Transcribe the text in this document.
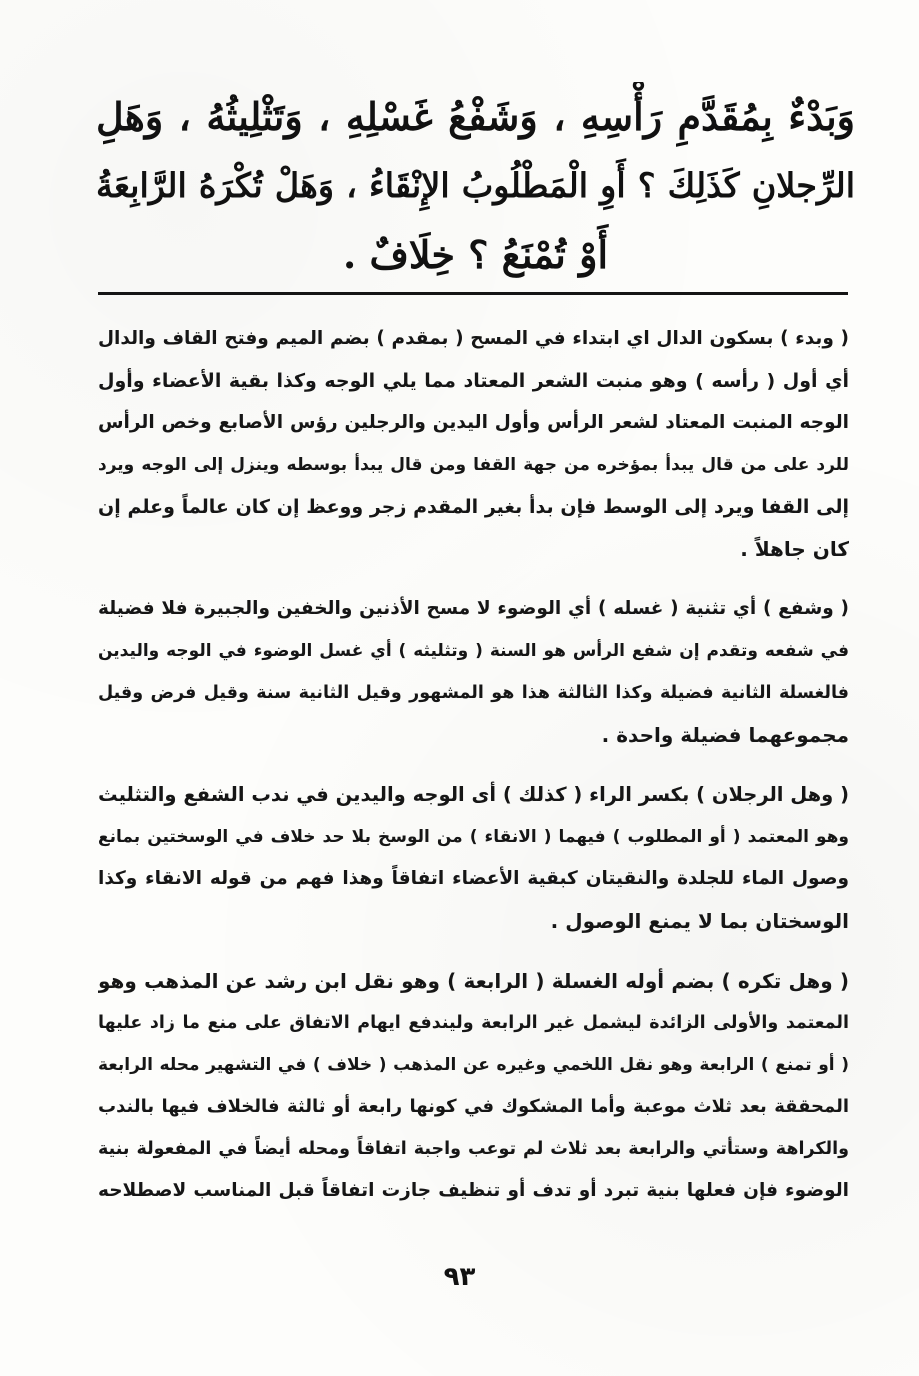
وَبَدْءٌ بِمُقَدَّمِ رَأْسِهِ ، وَشَفْعُ غَسْلِهِ ، وَتَثْلِيثُهُ ، وَهَلِ
الرِّجلانِ كَذَلِكَ ؟ أَوِ الْمَطْلُوبُ الإِنْقَاءُ ، وَهَلْ تُكْرَهُ الرَّابِعَةُ
أَوْ تُمْنَعُ ؟ خِلَافٌ .
( وبدء ) بسكون الدال اي ابتداء في المسح ( بمقدم ) بضم الميم وفتح القاف والدال
أي أول ( رأسه ) وهو منبت الشعر المعتاد مما يلي الوجه وكذا بقية الأعضاء وأول
الوجه المنبت المعتاد لشعر الرأس وأول اليدين والرجلين رؤس الأصابع وخص الرأس
للرد على من قال يبدأ بمؤخره من جهة القفا ومن قال يبدأ بوسطه وينزل إلى الوجه ويرد
إلى القفا ويرد إلى الوسط فإن بدأ بغير المقدم زجر ووعظ إن كان عالماً وعلم إن
كان جاهلاً .
( وشفع ) أي تثنية ( غسله ) أي الوضوء لا مسح الأذنين والخفين والجبيرة فلا فضيلة
في شفعه وتقدم إن شفع الرأس هو السنة ( وتثليثه ) أي غسل الوضوء في الوجه واليدين
فالغسلة الثانية فضيلة وكذا الثالثة هذا هو المشهور وقيل الثانية سنة وقيل فرض وقيل
مجموعهما فضيلة واحدة .
( وهل الرجلان ) بكسر الراء ( كذلك ) أى الوجه واليدين في ندب الشفع والتثليث
وهو المعتمد ( أو المطلوب ) فيهما ( الانقاء ) من الوسخ بلا حد خلاف في الوسختين بمانع
وصول الماء للجلدة والنقيتان كبقية الأعضاء اتفاقاً وهذا فهم من قوله الانقاء وكذا
الوسختان بما لا يمنع الوصول .
( وهل تكره ) بضم أوله الغسلة ( الرابعة ) وهو نقل ابن رشد عن المذهب وهو
المعتمد والأولى الزائدة ليشمل غير الرابعة وليندفع ايهام الاتفاق على منع ما زاد عليها
( أو تمنع ) الرابعة وهو نقل اللخمي وغيره عن المذهب ( خلاف ) في التشهير محله الرابعة
المحققة بعد ثلاث موعبة وأما المشكوك في كونها رابعة أو ثالثة فالخلاف فيها بالندب
والكراهة وستأتي والرابعة بعد ثلاث لم توعب واجبة اتفاقاً ومحله أيضاً في المفعولة بنية
الوضوء فإن فعلها بنية تبرد أو تدف أو تنظيف جازت اتفاقاً قبل المناسب لاصطلاحه
٩٣
